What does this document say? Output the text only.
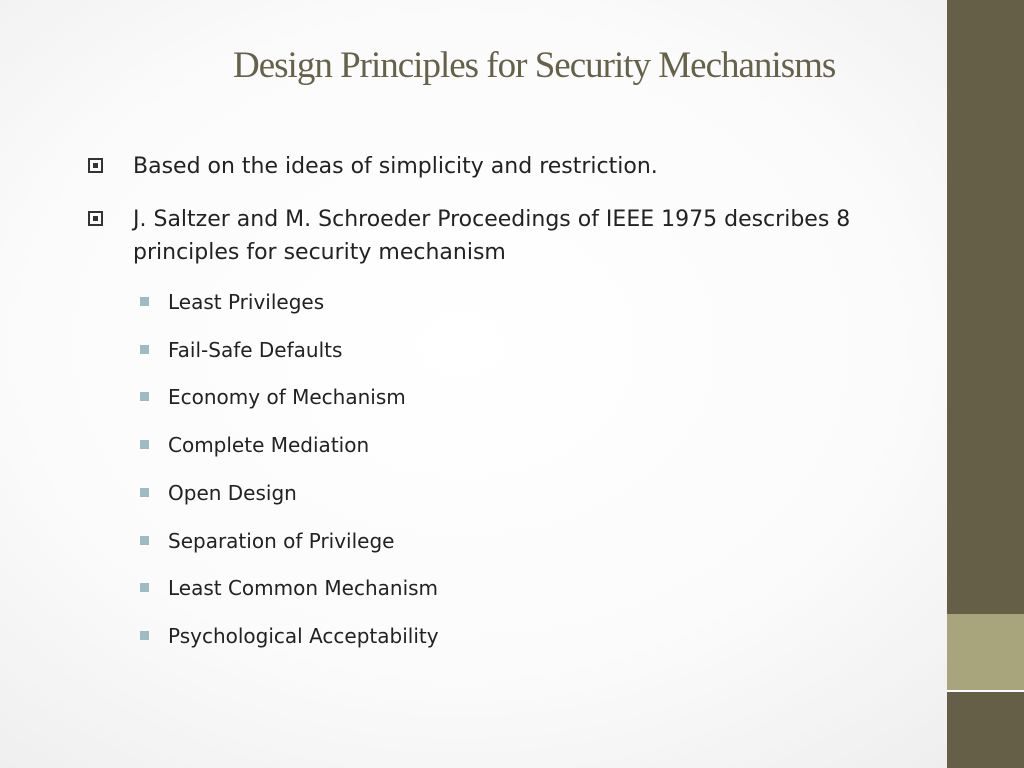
Design Principles for Security Mechanisms
Based on the ideas of simplicity and restriction.
J. Saltzer and M. Schroeder Proceedings of IEEE 1975 describes 8 principles for security mechanism
Least Privileges
Fail-Safe Defaults
Economy of Mechanism
Complete Mediation
Open Design
Separation of Privilege
Least Common Mechanism
Psychological Acceptability
